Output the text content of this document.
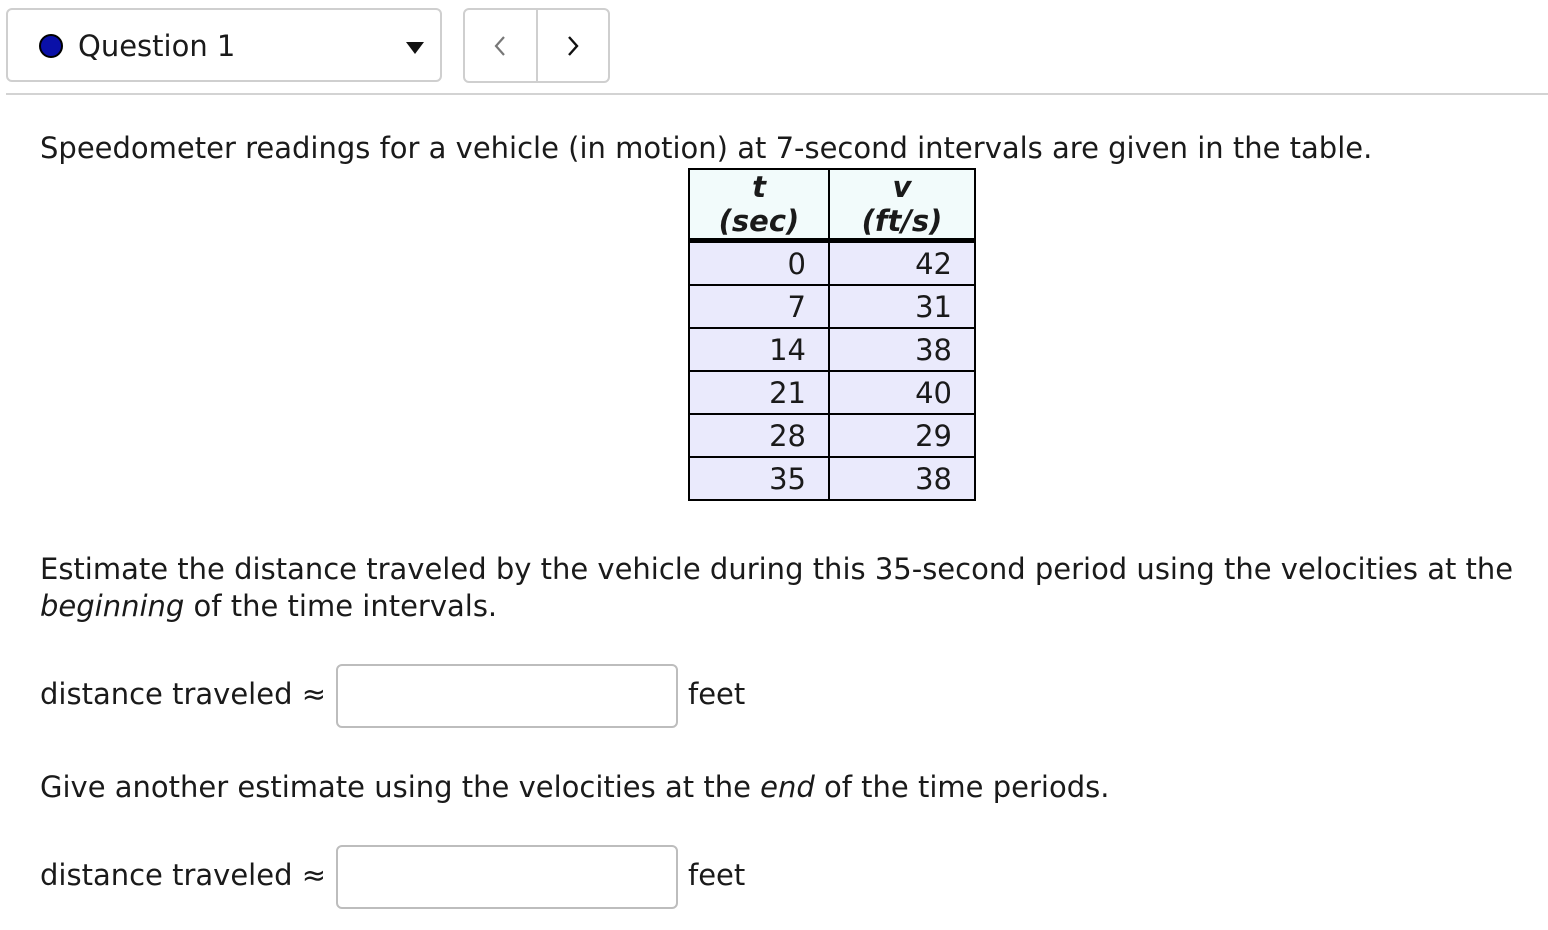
Question 1

Speedometer readings for a vehicle (in motion) at 7-second intervals are given in the table.

t (sec)	v (ft/s)
0	42
7	31
14	38
21	40
28	29
35	38

Estimate the distance traveled by the vehicle during this 35-second period using the velocities at the beginning of the time intervals.

distance traveled ≈	feet

Give another estimate using the velocities at the end of the time periods.

distance traveled ≈	feet
